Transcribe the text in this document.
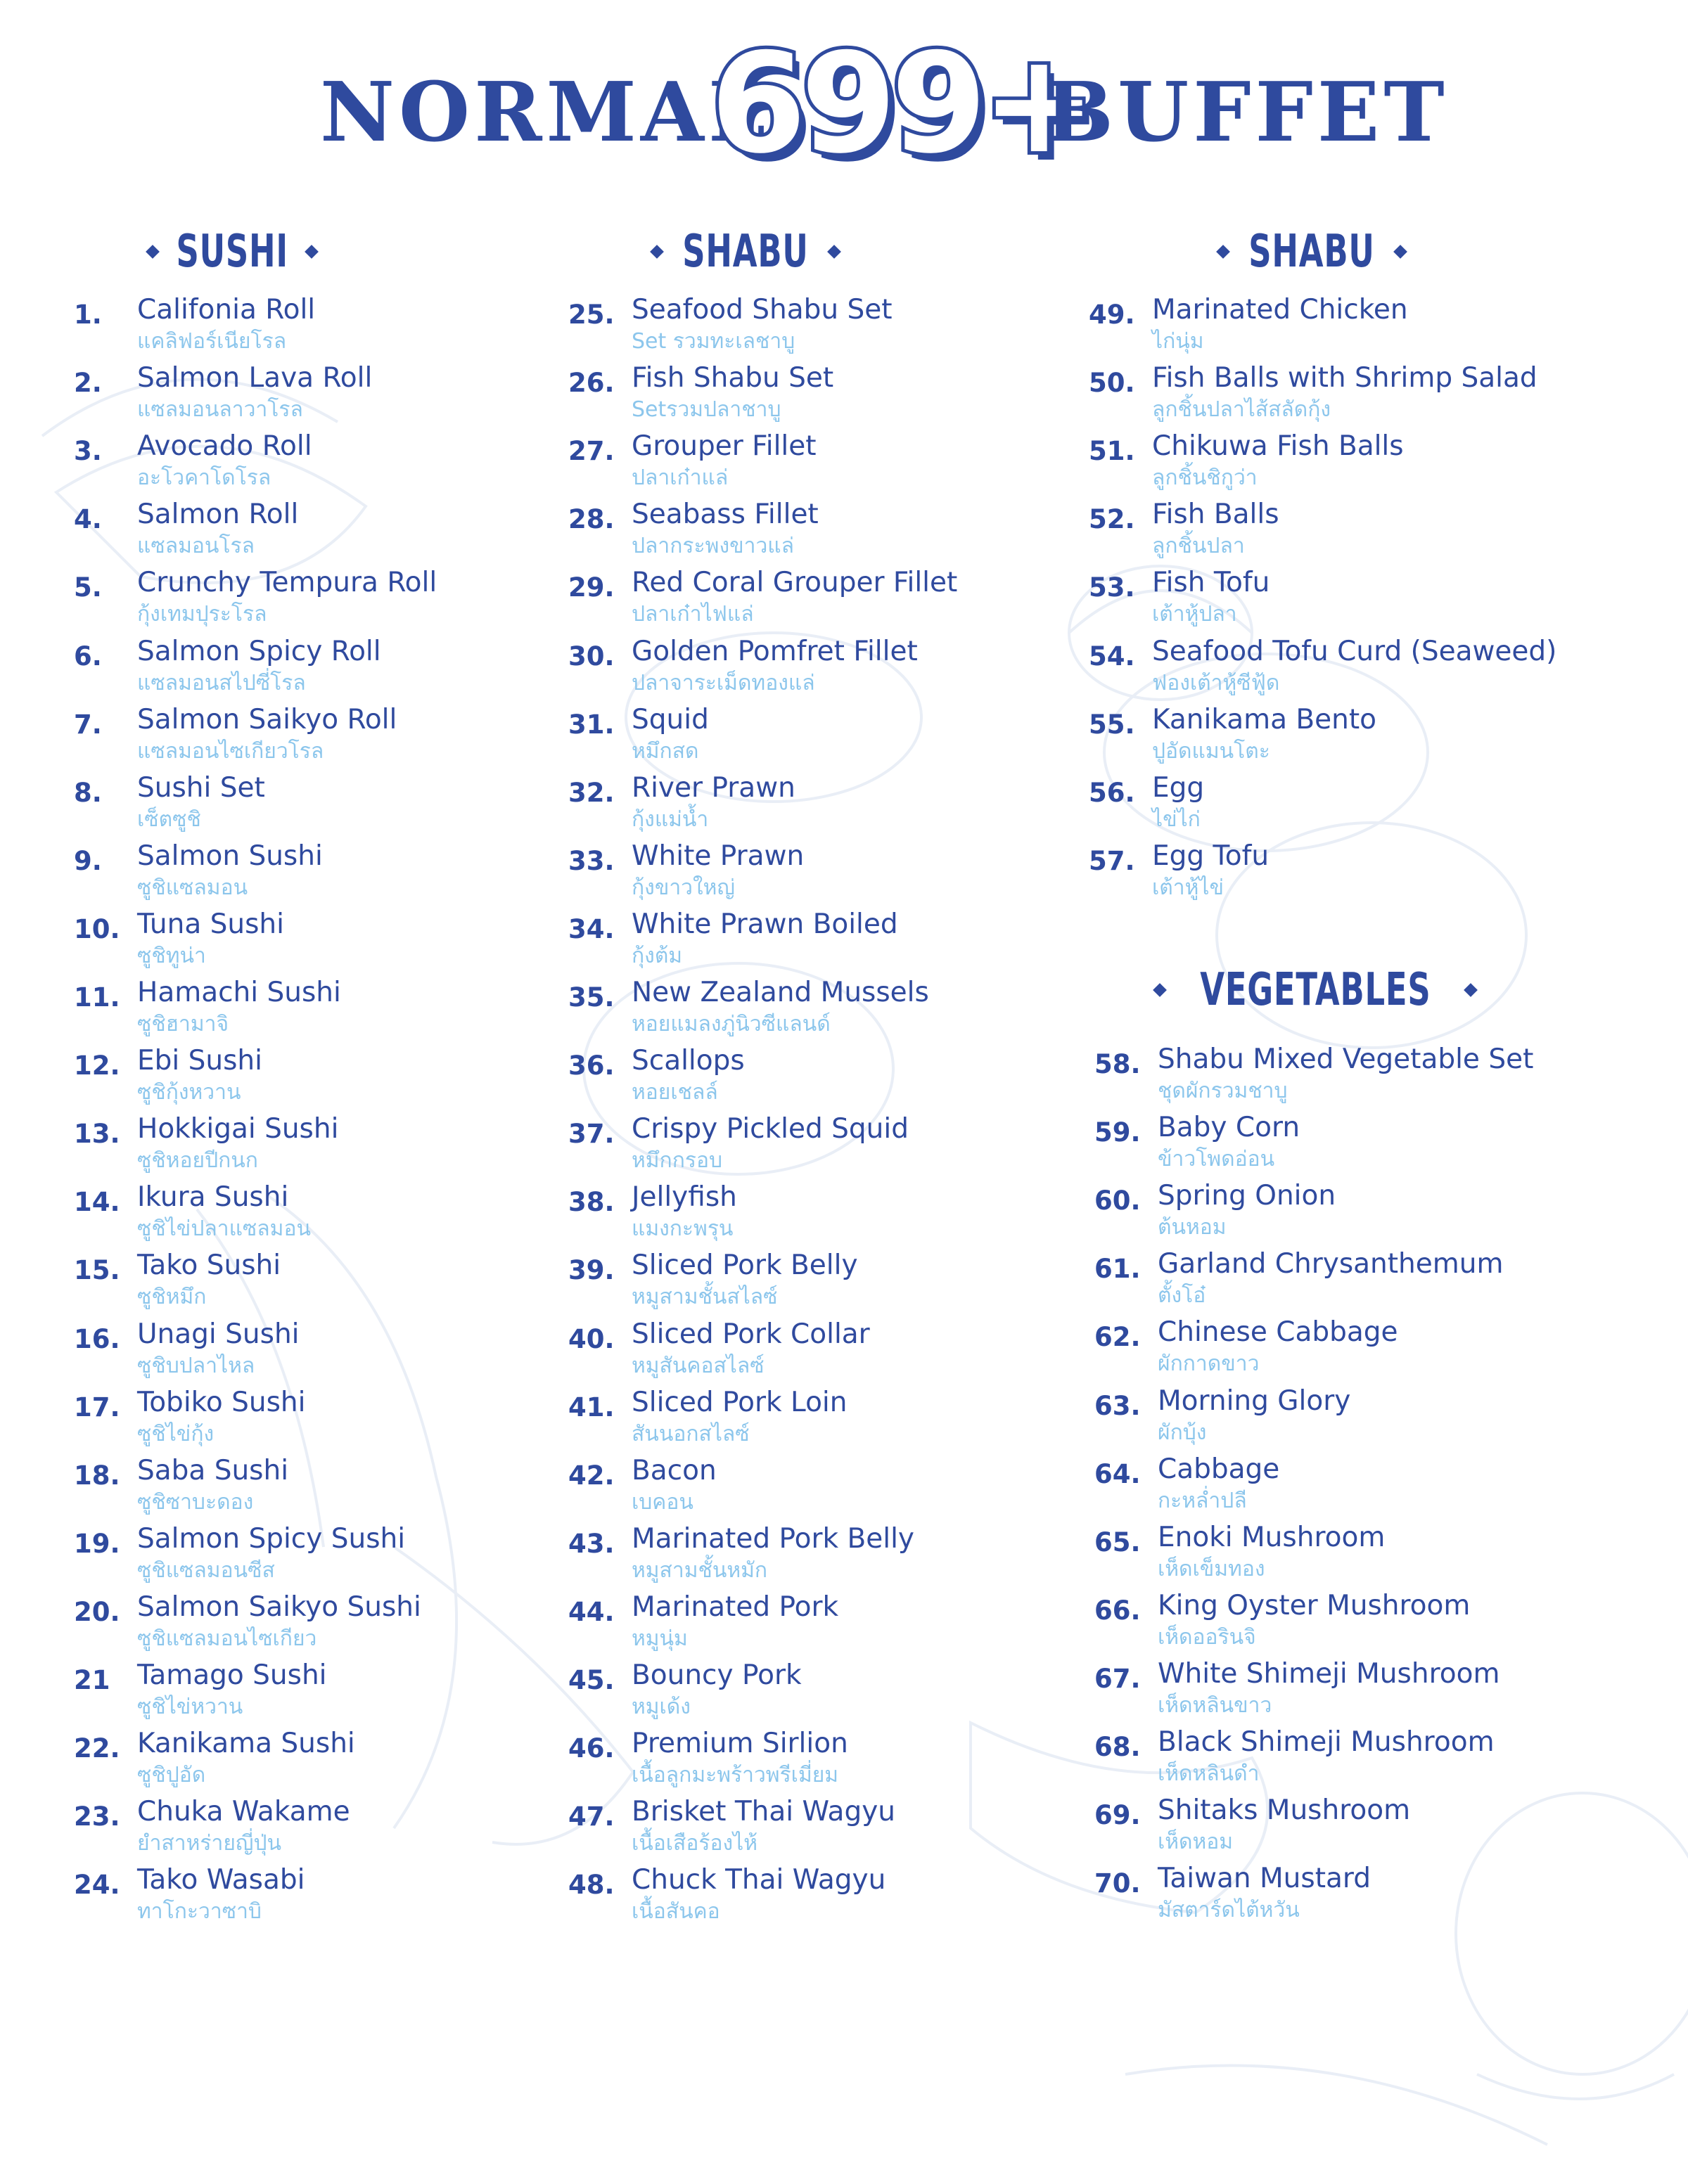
NORMAL
699+
BUFFET
SUSHI	SHABU	SHABU
VEGETABLES
1. Califonia Roll
แคลิฟอร์เนียโรล
2. Salmon Lava Roll
แซลมอนลาวาโรล
3. Avocado Roll
อะโวคาโดโรล
4. Salmon Roll
แซลมอนโรล
5. Crunchy Tempura Roll
กุ้งเทมปุระโรล
6. Salmon Spicy Roll
แซลมอนสไปซี่โรล
7. Salmon Saikyo Roll
แซลมอนไซเกียวโรล
8. Sushi Set
เซ็ตซูชิ
9. Salmon Sushi
ซูชิแซลมอน
10. Tuna Sushi
ซูชิทูน่า
11. Hamachi Sushi
ซูชิฮามาจิ
12. Ebi Sushi
ซูชิกุ้งหวาน
13. Hokkigai Sushi
ซูชิหอยปีกนก
14. Ikura Sushi
ซูชิไข่ปลาแซลมอน
15. Tako Sushi
ซูชิหมึก
16. Unagi Sushi
ซูชิบปลาไหล
17. Tobiko Sushi
ซูชิไข่กุ้ง
18. Saba Sushi
ซูชิซาบะดอง
19. Salmon Spicy Sushi
ซูชิแซลมอนซีส
20. Salmon Saikyo Sushi
ซูชิแซลมอนไซเกียว
21 Tamago Sushi
ซูชิไข่หวาน
22. Kanikama Sushi
ซูชิปูอัด
23. Chuka Wakame
ยำสาหร่ายญี่ปุ่น
24. Tako Wasabi
ทาโกะวาซาบิ
25. Seafood Shabu Set
Set รวมทะเลชาบู
26. Fish Shabu Set
Setรวมปลาชาบู
27. Grouper Fillet
ปลาเก๋าแล่
28. Seabass Fillet
ปลากระพงขาวแล่
29. Red Coral Grouper Fillet
ปลาเก๋าไฟแล่
30. Golden Pomfret Fillet
ปลาจาระเม็ดทองแล่
31. Squid
หมึกสด
32. River Prawn
กุ้งแม่น้ำ
33. White Prawn
กุ้งขาวใหญ่
34. White Prawn Boiled
กุ้งต้ม
35. New Zealand Mussels
หอยแมลงภู่นิวซีแลนด์
36. Scallops
หอยเชลล์
37. Crispy Pickled Squid
หมึกกรอบ
38. Jellyfish
แมงกะพรุน
39. Sliced Pork Belly
หมูสามชั้นสไลซ์
40. Sliced Pork Collar
หมูสันคอสไลซ์
41. Sliced Pork Loin
สันนอกสไลซ์
42. Bacon
เบคอน
43. Marinated Pork Belly
หมูสามชั้นหมัก
44. Marinated Pork
หมูนุ่ม
45. Bouncy Pork
หมูเด้ง
46. Premium Sirlion
เนื้อลูกมะพร้าวพรีเมี่ยม
47. Brisket Thai Wagyu
เนื้อเสือร้องไห้
48. Chuck Thai Wagyu
เนื้อสันคอ
49. Marinated Chicken
ไก่นุ่ม
50. Fish Balls with Shrimp Salad
ลูกชิ้นปลาไส้สลัดกุ้ง
51. Chikuwa Fish Balls
ลูกชิ้นชิกูว่า
52. Fish Balls
ลูกชิ้นปลา
53. Fish Tofu
เต้าหู้ปลา
54. Seafood Tofu Curd (Seaweed)
ฟองเต้าหู้ซีฟู้ด
55. Kanikama Bento
ปูอัดแมนโตะ
56. Egg
ไข่ไก่
57. Egg Tofu
เต้าหู้ไข่
58. Shabu Mixed Vegetable Set
ชุดผักรวมชาบู
59. Baby Corn
ข้าวโพดอ่อน
60. Spring Onion
ต้นหอม
61. Garland Chrysanthemum
ตั้งโอ๋
62. Chinese Cabbage
ผักกาดขาว
63. Morning Glory
ผักบุ้ง
64. Cabbage
กะหล่ำปลี
65. Enoki Mushroom
เห็ดเข็มทอง
66. King Oyster Mushroom
เห็ดออรินจิ
67. White Shimeji Mushroom
เห็ดหลินขาว
68. Black Shimeji Mushroom
เห็ดหลินดำ
69. Shitaks Mushroom
เห็ดหอม
70. Taiwan Mustard
มัสตาร์ดไต้หวัน
